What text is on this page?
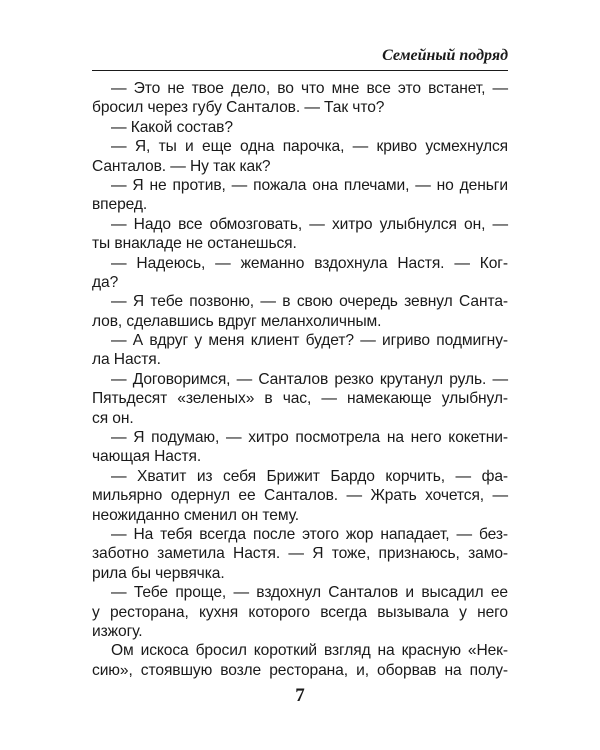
Семейный подряд
— Это не твое дело, во что мне все это встанет, —
бросил через губу Санталов. — Так что?
— Какой состав?
— Я, ты и еще одна парочка, — криво усмехнулся
Санталов. — Ну так как?
— Я не против, — пожала она плечами, — но деньги
вперед.
— Надо все обмозговать, — хитро улыбнулся он, —
ты внакладе не останешься.
— Надеюсь, — жеманно вздохнула Настя. — Ког-
да?
— Я тебе позвоню, — в свою очередь зевнул Санта-
лов, сделавшись вдруг меланхоличным.
— А вдруг у меня клиент будет? — игриво подмигну-
ла Настя.
— Договоримся, — Санталов резко крутанул руль. —
Пятьдесят «зеленых» в час, — намекающе улыбнул-
ся он.
— Я подумаю, — хитро посмотрела на него кокетни-
чающая Настя.
— Хватит из себя Брижит Бардо корчить, — фа-
мильярно одернул ее Санталов. — Жрать хочется, —
неожиданно сменил он тему.
— На тебя всегда после этого жор нападает, — без-
заботно заметила Настя. — Я тоже, признаюсь, замо-
рила бы червячка.
— Тебе проще, — вздохнул Санталов и высадил ее
у ресторана, кухня которого всегда вызывала у него
изжогу.
Ом искоса бросил короткий взгляд на красную «Нек-
сию», стоявшую возле ресторана, и, оборвав на полу-
7
